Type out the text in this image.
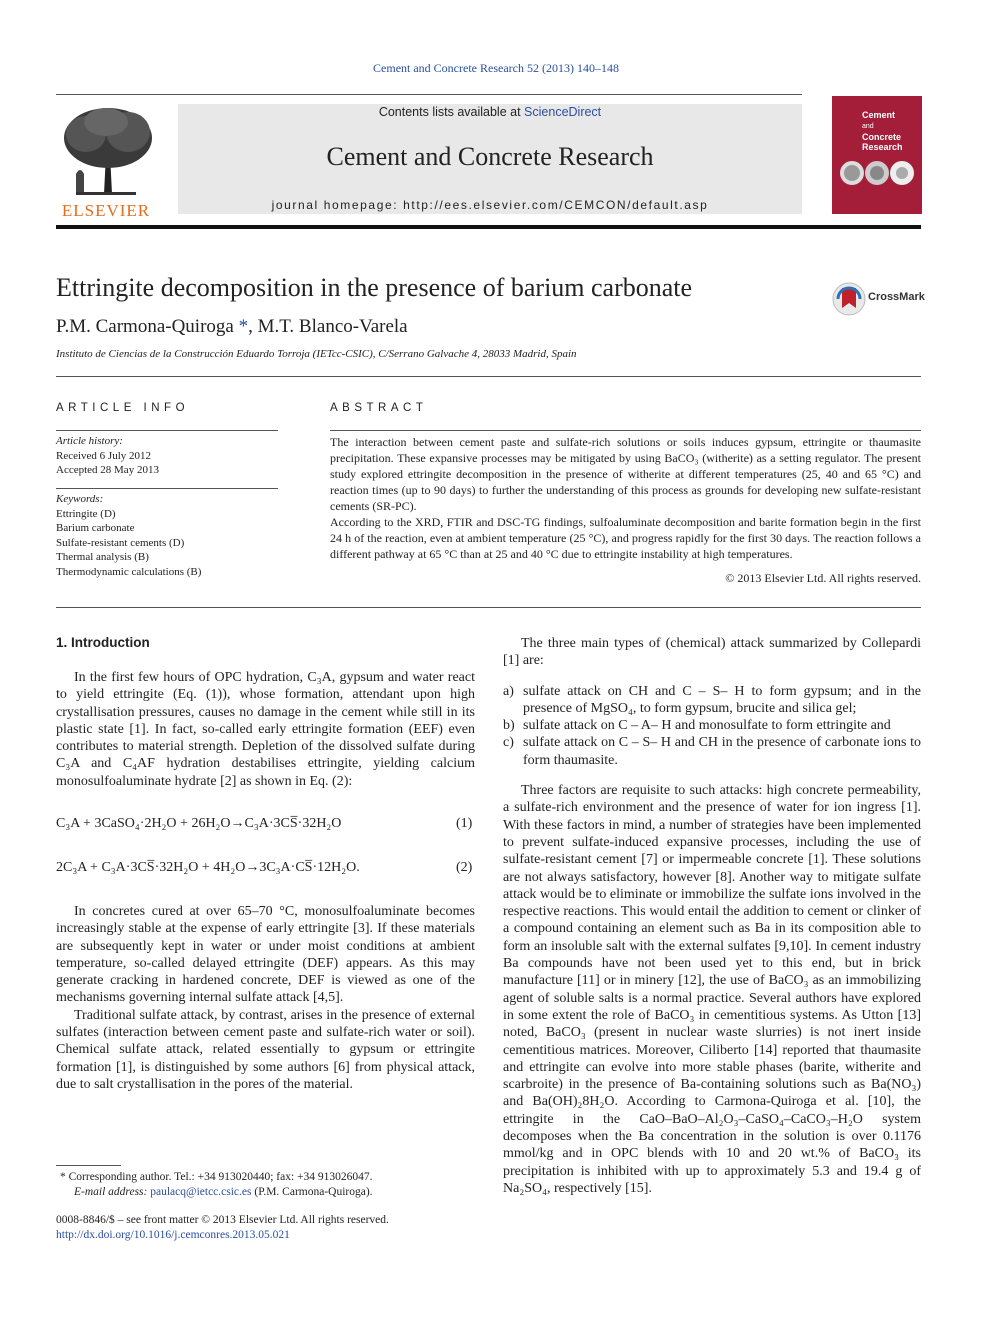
Cement and Concrete Research 52 (2013) 140–148
ELSEVIER
Contents lists available at ScienceDirect
Cement and Concrete Research
journal homepage: http://ees.elsevier.com/CEMCON/default.asp
Cement
and
Concrete
Research
Ettringite decomposition in the presence of barium carbonate	CrossMark
P.M. Carmona-Quiroga *, M.T. Blanco-Varela
Instituto de Ciencias de la Construcción Eduardo Torroja (IETcc-CSIC), C/Serrano Galvache 4, 28033 Madrid, Spain
ARTICLE INFO
Article history:
Received 6 July 2012
Accepted 28 May 2013
Keywords:
Ettringite (D)
Barium carbonate
Sulfate-resistant cements (D)
Thermal analysis (B)
Thermodynamic calculations (B)
ABSTRACT

The interaction between cement paste and sulfate-rich solutions or soils induces gypsum, ettringite or thaumasite precipitation. These expansive processes may be mitigated by using BaCO₃ (witherite) as a setting regulator. The present study explored ettringite decomposition in the presence of witherite at different temperatures (25, 40 and 65 °C) and reaction times (up to 90 days) to further the understanding of this process as grounds for developing new sulfate-resistant cements (SR-PC).

According to the XRD, FTIR and DSC-TG findings, sulfoaluminate decomposition and barite formation begin in the first 24 h of the reaction, even at ambient temperature (25 °C), and progress rapidly for the first 30 days. The reaction follows a different pathway at 65 °C than at 25 and 40 °C due to ettringite instability at high temperatures.

© 2013 Elsevier Ltd. All rights reserved.

1. Introduction

In the first few hours of OPC hydration, C₃A, gypsum and water react to yield ettringite (Eq. (1)), whose formation, attendant upon high crystallisation pressures, causes no damage in the cement while still in its plastic state [1]. In fact, so-called early ettringite formation (EEF) even contributes to material strength. Depletion of the dissolved sulfate during C₃A and C₄AF hydration destabilises ettringite, yielding calcium monosulfoaluminate hydrate [2] as shown in Eq. (2):

C₃A + 3CaSO₄·2H₂O + 26H₂O→C₃A·3CS̅·32H₂O	(1)
2C₃A + C₃A·3CS̅·32H₂O + 4H₂O→3C₃A·CS̅·12H₂O.	(2)

In concretes cured at over 65–70 °C, monosulfoaluminate becomes increasingly stable at the expense of early ettringite [3]. If these materials are subsequently kept in water or under moist conditions at ambient temperature, so-called delayed ettringite (DEF) appears. As this may generate cracking in hardened concrete, DEF is viewed as one of the mechanisms governing internal sulfate attack [4,5].

Traditional sulfate attack, by contrast, arises in the presence of external sulfates (interaction between cement paste and sulfate-rich water or soil). Chemical sulfate attack, related essentially to gypsum or ettringite formation [1], is distinguished by some authors [6] from physical attack, due to salt crystallisation in the pores of the material.

* Corresponding author. Tel.: +34 913020440; fax: +34 913026047.
E-mail address: paulacq@ietcc.csic.es (P.M. Carmona-Quiroga).
0008-8846/$ – see front matter © 2013 Elsevier Ltd. All rights reserved.
http://dx.doi.org/10.1016/j.cemconres.2013.05.021

The three main types of (chemical) attack summarized by Collepardi [1] are:

a) sulfate attack on CH and C – S– H to form gypsum; and in the presence of MgSO₄, to form gypsum, brucite and silica gel;
b) sulfate attack on C – A– H and monosulfate to form ettringite and
c) sulfate attack on C – S– H and CH in the presence of carbonate ions to form thaumasite.

Three factors are requisite to such attacks: high concrete permeability, a sulfate-rich environment and the presence of water for ion ingress [1]. With these factors in mind, a number of strategies have been implemented to prevent sulfate-induced expansive processes, including the use of sulfate-resistant cement [7] or impermeable concrete [1]. These solutions are not always satisfactory, however [8]. Another way to mitigate sulfate attack would be to eliminate or immobilize the sulfate ions involved in the respective reactions. This would entail the addition to cement or clinker of a compound containing an element such as Ba in its composition able to form an insoluble salt with the external sulfates [9,10]. In cement industry Ba compounds have not been used yet to this end, but in brick manufacture [11] or in minery [12], the use of BaCO₃ as an immobilizing agent of soluble salts is a normal practice. Several authors have explored in some extent the role of BaCO₃ in cementitious systems. As Utton [13] noted, BaCO₃ (present in nuclear waste slurries) is not inert inside cementitious matrices. Moreover, Ciliberto [14] reported that thaumasite and ettringite can evolve into more stable phases (barite, witherite and scarbroite) in the presence of Ba-containing solutions such as Ba(NO₃) and Ba(OH)₂8H₂O. According to Carmona-Quiroga et al. [10], the ettringite in the CaO–BaO–Al₂O₃–CaSO₄–CaCO₃–H₂O system decomposes when the Ba concentration in the solution is over 0.1176 mmol/kg and in OPC blends with 10 and 20 wt.% of BaCO₃ its precipitation is inhibited with up to approximately 5.3 and 19.4 g of Na₂SO₄, respectively [15].
